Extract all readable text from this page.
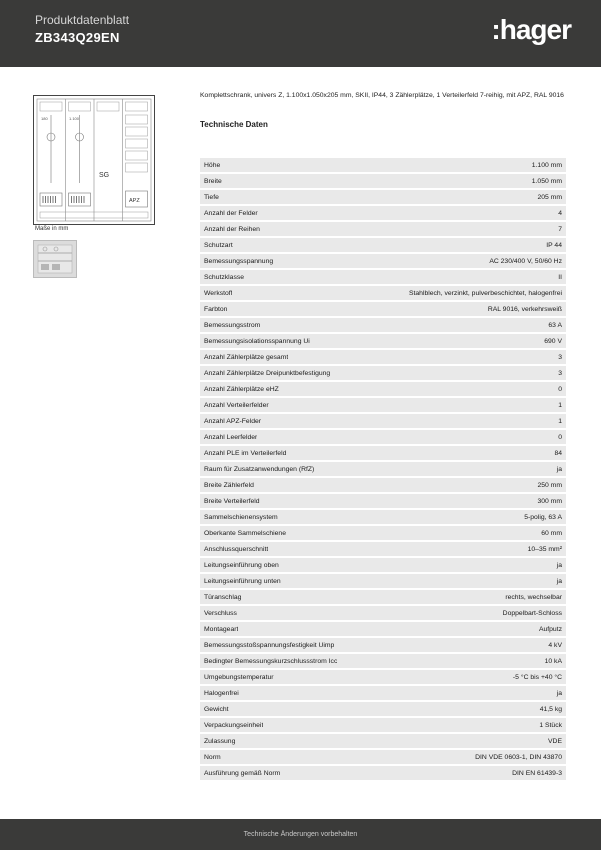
Produktdatenblatt
ZB343Q29EN	:hager
180	1.100
SG
APZ
Maße in mm
Komplettschrank, univers Z, 1.100x1.050x205 mm, SKII, IP44, 3 Zählerplätze, 1 Verteilerfeld 7-reihig, mit APZ, RAL 9016
Technische Daten
Höhe	1.100 mm
Breite	1.050 mm
Tiefe	205 mm
Anzahl der Felder	4
Anzahl der Reihen	7
Schutzart	IP 44
Bemessungsspannung	AC 230/400 V, 50/60 Hz
Schutzklasse	II
Werkstoff	Stahlblech, verzinkt, pulverbeschichtet, halogenfrei
Farbton	RAL 9016, verkehrsweiß
Bemessungsstrom	63 A
Bemessungsisolationsspannung Ui	690 V
Anzahl Zählerplätze gesamt	3
Anzahl Zählerplätze Dreipunktbefestigung	3
Anzahl Zählerplätze eHZ	0
Anzahl Verteilerfelder	1
Anzahl APZ-Felder	1
Anzahl Leerfelder	0
Anzahl PLE im Verteilerfeld	84
Raum für Zusatzanwendungen (RfZ)	ja
Breite Zählerfeld	250 mm
Breite Verteilerfeld	300 mm
Sammelschienensystem	5-polig, 63 A
Oberkante Sammelschiene	60 mm
Anschlussquerschnitt	10–35 mm²
Leitungseinführung oben	ja
Leitungseinführung unten	ja
Türanschlag	rechts, wechselbar
Verschluss	Doppelbart-Schloss
Montageart	Aufputz
Bemessungsstoßspannungsfestigkeit Uimp	4 kV
Bedingter Bemessungskurzschlussstrom Icc	10 kA
Umgebungstemperatur	-5 °C bis +40 °C
Halogenfrei	ja
Gewicht	41,5 kg
Verpackungseinheit	1 Stück
Zulassung	VDE
Norm	DIN VDE 0603-1, DIN 43870
Ausführung gemäß Norm	DIN EN 61439-3
Technische Änderungen vorbehalten
